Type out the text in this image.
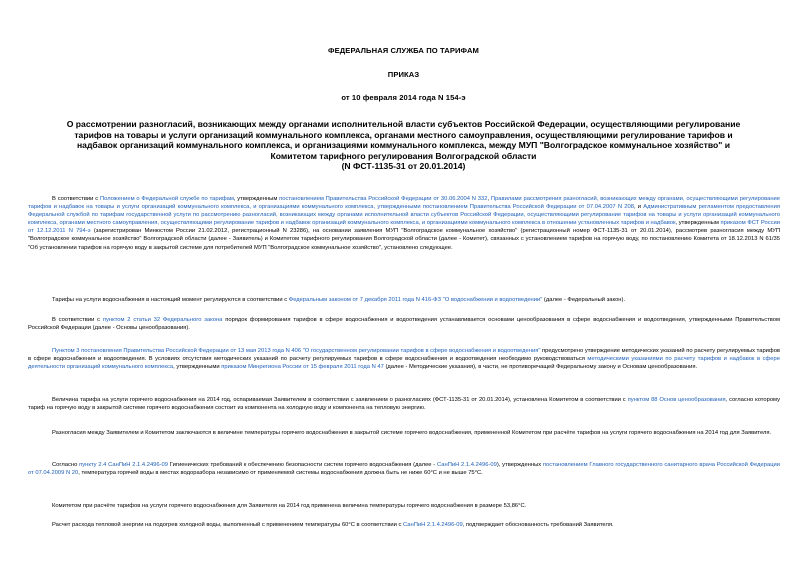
ФЕДЕРАЛЬНАЯ СЛУЖБА ПО ТАРИФАМ
ПРИКАЗ
от 10 февраля 2014 года N 154-э
О рассмотрении разногласий, возникающих между органами исполнительной власти субъектов Российской Федерации, осуществляющими регулирование тарифов на товары и услуги организаций коммунального комплекса, органами местного самоуправления, осуществляющими регулирование тарифов и надбавок организаций коммунального комплекса, и организациями коммунального комплекса, между МУП "Волгоградское коммунальное хозяйство" и Комитетом тарифного регулирования Волгоградской области
(N ФСТ-1135-31 от 20.01.2014)
В соответствии с Положением о Федеральной службе по тарифам, утвержденным постановлением Правительства Российской Федерации от 30.06.2004 N 332, Правилами рассмотрения разногласий, возникающих между органами, осуществляющими регулирование тарифов и надбавок на товары и услуги организаций коммунального комплекса, и организациями коммунального комплекса, утвержденными постановлением Правительства Российской Федерации от 07.04.2007 N 208, и Административным регламентом предоставления Федеральной службой по тарифам государственной услуги по рассмотрению разногласий, возникающих между органами исполнительной власти субъектов Российской Федерации, осуществляющими регулирование тарифов на товары и услуги организаций коммунального комплекса, органами местного самоуправления, осуществляющими регулирование тарифов и надбавок организаций коммунального комплекса, и организациями коммунального комплекса в отношении установленных тарифов и надбавок, утвержденным приказом ФСТ России от 12.12.2011 N 794-э (зарегистрирован Минюстом России 21.02.2012, регистрационный N 23286), на основании заявления МУП "Волгоградское коммунальное хозяйство" (регистрационный номер ФСТ-1135-31 от 20.01.2014), рассмотрев разногласия между МУП "Волгоградское коммунальное хозяйство" Волгоградской области (далее - Заявитель) и Комитетом тарифного регулирования Волгоградской области (далее - Комитет), связанных с установлением тарифов на горячую воду, по постановлению Комитета от 18.12.2013 N 61/35 "Об установлении тарифов на горячую воду в закрытой системе для потребителей МУП "Волгоградское коммунальное хозяйство", установлено следующее.
Тарифы на услуги водоснабжения в настоящий момент регулируются в соответствии с Федеральным законом от 7 декабря 2011 года N 416-ФЗ "О водоснабжении и водоотведении" (далее - Федеральный закон).
В соответствии с пунктом 2 статьи 32 Федерального закона порядок формирования тарифов в сфере водоснабжения и водоотведения устанавливается основами ценообразования в сфере водоснабжения и водоотведения, утвержденными Правительством Российской Федерации (далее - Основы ценообразования).
Пунктом 3 постановления Правительства Российской Федерации от 13 мая 2013 года N 406 "О государственном регулировании тарифов в сфере водоснабжения и водоотведения" предусмотрено утверждение методических указаний по расчету регулируемых тарифов в сфере водоснабжения и водоотведения. В условиях отсутствия методических указаний по расчету регулируемых тарифов в сфере водоснабжения и водоотведения необходимо руководствоваться методическими указаниями по расчету тарифов и надбавок в сфере деятельности организаций коммунального комплекса, утвержденными приказом Минрегиона России от 15 февраля 2011 года N 47 (далее - Методические указания), в части, не противоречащей Федеральному закону и Основам ценообразования.
Величина тарифа на услуги горячего водоснабжения на 2014 год, оспариваемая Заявителем в соответствии с заявлением о разногласиях (ФСТ-1135-31 от 20.01.2014), установлена Комитетом в соответствии с пунктом 88 Основ ценообразования, согласно которому тариф на горячую воду в закрытой системе горячего водоснабжения состоит из компонента на холодную воду и компонента на тепловую энергию.
Разногласия между Заявителем и Комитетом заключаются в величине температуры горячего водоснабжения в закрытой системе горячего водоснабжения, примененной Комитетом при расчёте тарифов на услуги горячего водоснабжения на 2014 год для Заявителя.
Согласно пункту 2.4 СанПиН 2.1.4.2496-09 Гигиенических требований к обеспечению безопасности систем горячего водоснабжения (далее - СанПиН 2.1.4.2496-09), утвержденных постановлением Главного государственного санитарного врача Российской Федерации от 07.04.2009 N 20, температура горячей воды в местах водоразбора независимо от применяемой системы водоснабжения должна быть не ниже 60°С и не выше 75°С.
Комитетом при расчёте тарифов на услуги горячего водоснабжения для Заявителя на 2014 год применена величина температуры горячего водоснабжения в размере 53,86°С.
Расчет расхода тепловой энергии на подогрев холодной воды, выполненный с применением температуры 60°С в соответствии с СанПиН 2.1.4.2496-09, подтверждает обоснованность требований Заявителя.
